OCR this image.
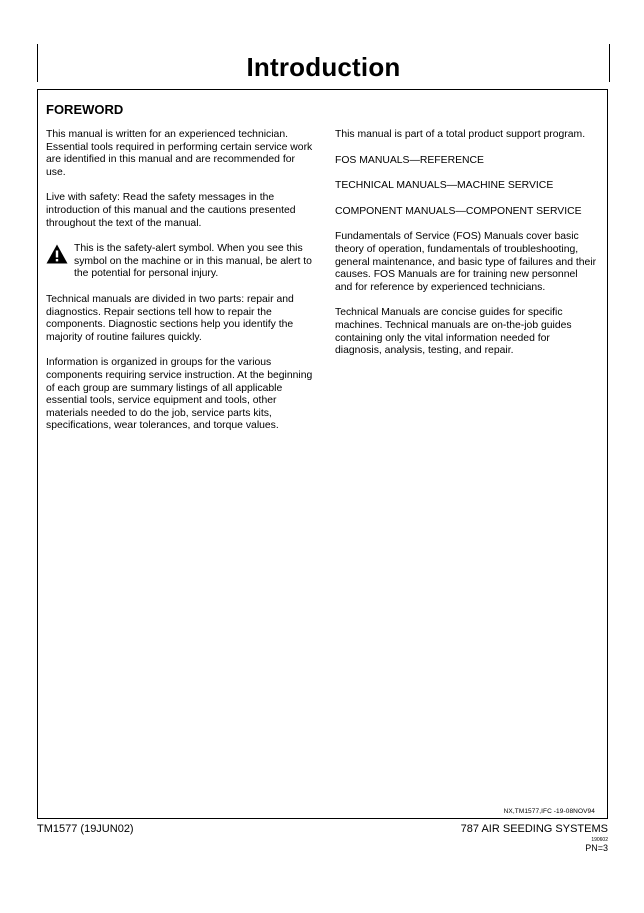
Introduction
FOREWORD

This manual is written for an experienced technician. Essential tools required in performing certain service work are identified in this manual and are recommended for use.

Live with safety: Read the safety messages in the introduction of this manual and the cautions presented throughout the text of the manual.

This is the safety-alert symbol. When you see this symbol on the machine or in this manual, be alert to the potential for personal injury.

Technical manuals are divided in two parts: repair and diagnostics. Repair sections tell how to repair the components. Diagnostic sections help you identify the majority of routine failures quickly.

Information is organized in groups for the various components requiring service instruction. At the beginning of each group are summary listings of all applicable essential tools, service equipment and tools, other materials needed to do the job, service parts kits, specifications, wear tolerances, and torque values.

This manual is part of a total product support program.

FOS MANUALS—REFERENCE

TECHNICAL MANUALS—MACHINE SERVICE

COMPONENT MANUALS—COMPONENT SERVICE

Fundamentals of Service (FOS) Manuals cover basic theory of operation, fundamentals of troubleshooting, general maintenance, and basic type of failures and their causes. FOS Manuals are for training new personnel and for reference by experienced technicians.

Technical Manuals are concise guides for specific machines. Technical manuals are on-the-job guides containing only the vital information needed for diagnosis, analysis, testing, and repair.

NX,TM1577,IFC -19-08NOV94
TM1577 (19JUN02)	787 AIR SEEDING SYSTEMS
190602
PN=3
